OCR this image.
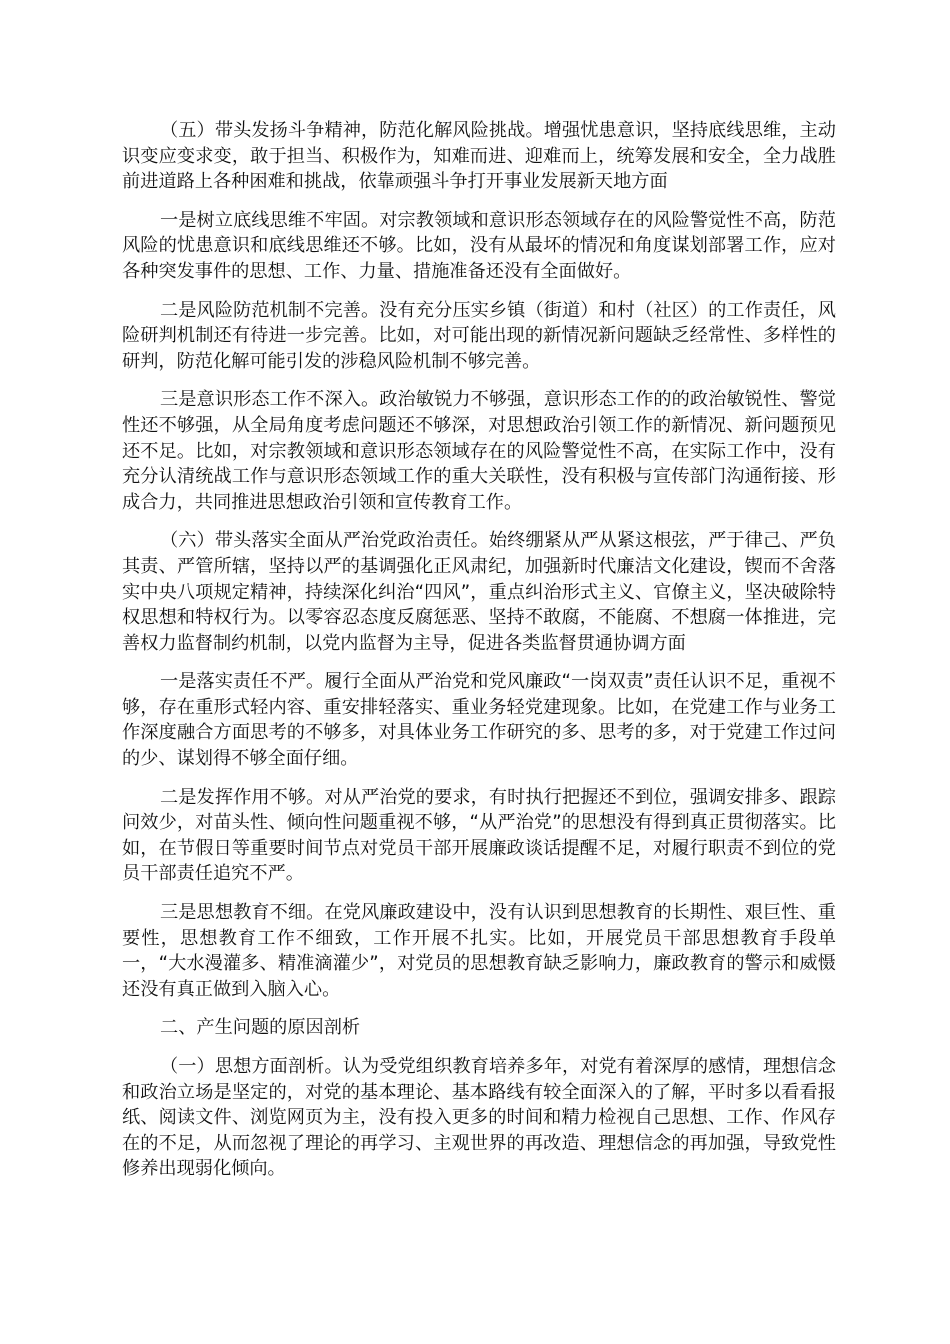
（五）带头发扬斗争精神，防范化解风险挑战。增强忧患意识，坚持底线思维，主动识变应变求变，敢于担当、积极作为，知难而进、迎难而上，统筹发展和安全，全力战胜前进道路上各种困难和挑战，依靠顽强斗争打开事业发展新天地方面

一是树立底线思维不牢固。对宗教领域和意识形态领域存在的风险警觉性不高，防范风险的忧患意识和底线思维还不够。比如，没有从最坏的情况和角度谋划部署工作，应对各种突发事件的思想、工作、力量、措施准备还没有全面做好。

二是风险防范机制不完善。没有充分压实乡镇（街道）和村（社区）的工作责任，风险研判机制还有待进一步完善。比如，对可能出现的新情况新问题缺乏经常性、多样性的研判，防范化解可能引发的涉稳风险机制不够完善。

三是意识形态工作不深入。政治敏锐力不够强，意识形态工作的的政治敏锐性、警觉性还不够强，从全局角度考虑问题还不够深，对思想政治引领工作的新情况、新问题预见还不足。比如，对宗教领域和意识形态领域存在的风险警觉性不高，在实际工作中，没有充分认清统战工作与意识形态领域工作的重大关联性，没有积极与宣传部门沟通衔接、形成合力，共同推进思想政治引领和宣传教育工作。

（六）带头落实全面从严治党政治责任。始终绷紧从严从紧这根弦，严于律己、严负其责、严管所辖，坚持以严的基调强化正风肃纪，加强新时代廉洁文化建设，锲而不舍落实中央八项规定精神，持续深化纠治“四风”，重点纠治形式主义、官僚主义，坚决破除特权思想和特权行为。以零容忍态度反腐惩恶、坚持不敢腐，不能腐、不想腐一体推进，完善权力监督制约机制，以党内监督为主导，促进各类监督贯通协调方面

一是落实责任不严。履行全面从严治党和党风廉政“一岗双责”责任认识不足，重视不够，存在重形式轻内容、重安排轻落实、重业务轻党建现象。比如，在党建工作与业务工作深度融合方面思考的不够多，对具体业务工作研究的多、思考的多，对于党建工作过问的少、谋划得不够全面仔细。

二是发挥作用不够。对从严治党的要求，有时执行把握还不到位，强调安排多、跟踪问效少，对苗头性、倾向性问题重视不够，“从严治党”的思想没有得到真正贯彻落实。比如，在节假日等重要时间节点对党员干部开展廉政谈话提醒不足，对履行职责不到位的党员干部责任追究不严。

三是思想教育不细。在党风廉政建设中，没有认识到思想教育的长期性、艰巨性、重要性，思想教育工作不细致，工作开展不扎实。比如，开展党员干部思想教育手段单一，“大水漫灌多、精准滴灌少”，对党员的思想教育缺乏影响力，廉政教育的警示和威慑还没有真正做到入脑入心。

二、产生问题的原因剖析

（一）思想方面剖析。认为受党组织教育培养多年，对党有着深厚的感情，理想信念和政治立场是坚定的，对党的基本理论、基本路线有较全面深入的了解，平时多以看看报纸、阅读文件、浏览网页为主，没有投入更多的时间和精力检视自己思想、工作、作风存在的不足，从而忽视了理论的再学习、主观世界的再改造、理想信念的再加强，导致党性修养出现弱化倾向。
